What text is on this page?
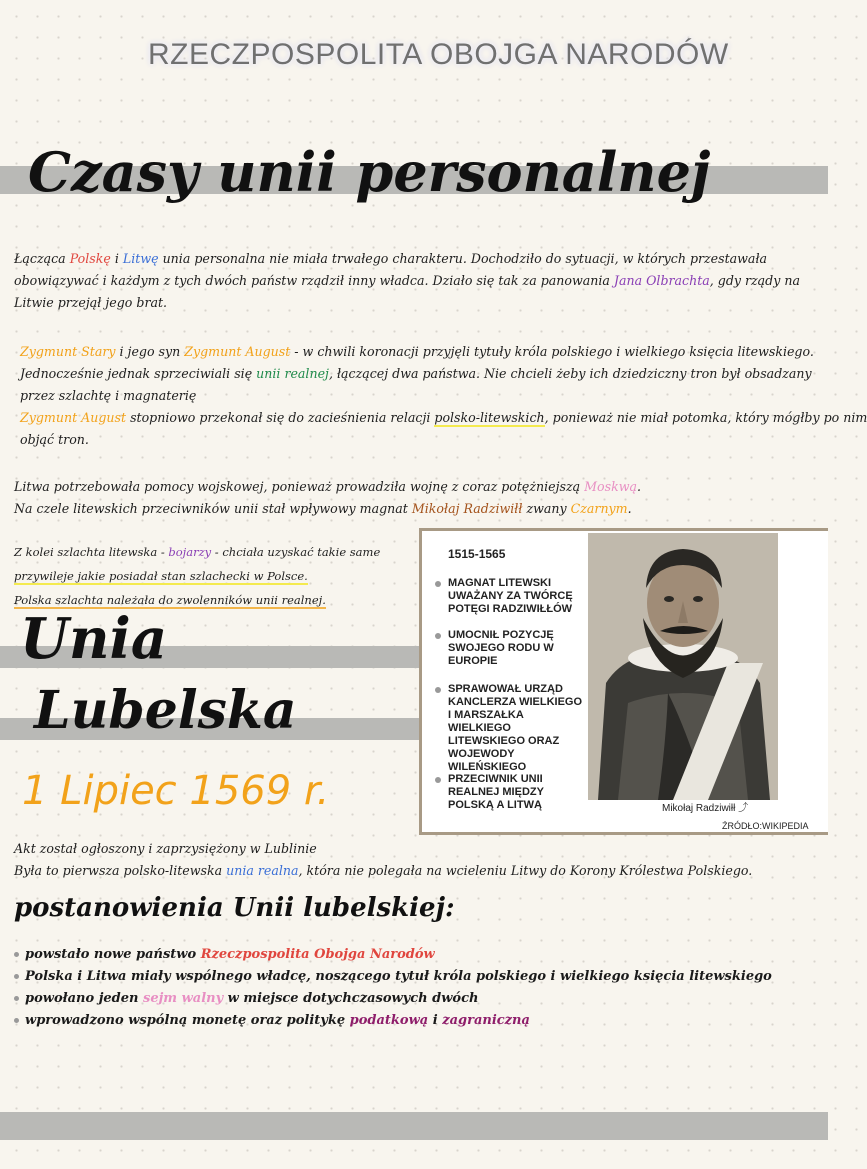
RZECZPOSPOLITA OBOJGA NARODÓW
Czasy unii personalnej
Łącząca Polskę i Litwę unia personalna nie miała trwałego charakteru. Dochodziło do sytuacji, w których przestawała
obowiązywać i każdym z tych dwóch państw rządził inny władca. Działo się tak za panowania Jana Olbrachta, gdy rządy na
Litwie przejął jego brat.
Zygmunt Stary i jego syn Zygmunt August - w chwili koronacji przyjęli tytuły króla polskiego i wielkiego księcia litewskiego.
Jednocześnie jednak sprzeciwiali się unii realnej, łączącej dwa państwa. Nie chcieli żeby ich dziedziczny tron był obsadzany
przez szlachtę i magnaterię
Zygmunt August stopniowo przekonał się do zacieśnienia relacji polsko-litewskich, ponieważ nie miał potomka, który mógłby po nim
objąć tron.
Litwa potrzebowała pomocy wojskowej, ponieważ prowadziła wojnę z coraz potężniejszą Moskwą.
Na czele litewskich przeciwników unii stał wpływowy magnat Mikołaj Radziwiłł zwany Czarnym.
Z kolei szlachta litewska - bojarzy - chciała uzyskać takie same
przywileje jakie posiadał stan szlachecki w Polsce.
Polska szlachta należała do zwolenników unii realnej.
Unia
Lubelska
1 Lipiec 1569 r.
1515-1565
MAGNAT LITEWSKI UWAŻANY ZA TWÓRCĘ POTĘGI RADZIWIŁŁÓW
UMOCNIŁ POZYCJĘ SWOJEGO RODU W EUROPIE
SPRAWOWAŁ URZĄD KANCLERZA WIELKIEGO I MARSZAŁKA WIELKIEGO LITEWSKIEGO ORAZ WOJEWODY WILEŃSKIEGO
PRZECIWNIK UNII REALNEJ MIĘDZY POLSKĄ A LITWĄ	Mikołaj Radziwiłł ⤴
ŹRÓDŁO:WIKIPEDIA
Akt został ogłoszony i zaprzysiężony w Lublinie
Była to pierwsza polsko-litewska unia realna, która nie polegała na wcieleniu Litwy do Korony Królestwa Polskiego.
postanowienia Unii lubelskiej:
powstało nowe państwo Rzeczpospolita Obojga Narodów
Polska i Litwa miały wspólnego władcę, noszącego tytuł króla polskiego i wielkiego księcia litewskiego
powołano jeden sejm walny w miejsce dotychczasowych dwóch
wprowadzono wspólną monetę oraz politykę podatkową i zagraniczną
